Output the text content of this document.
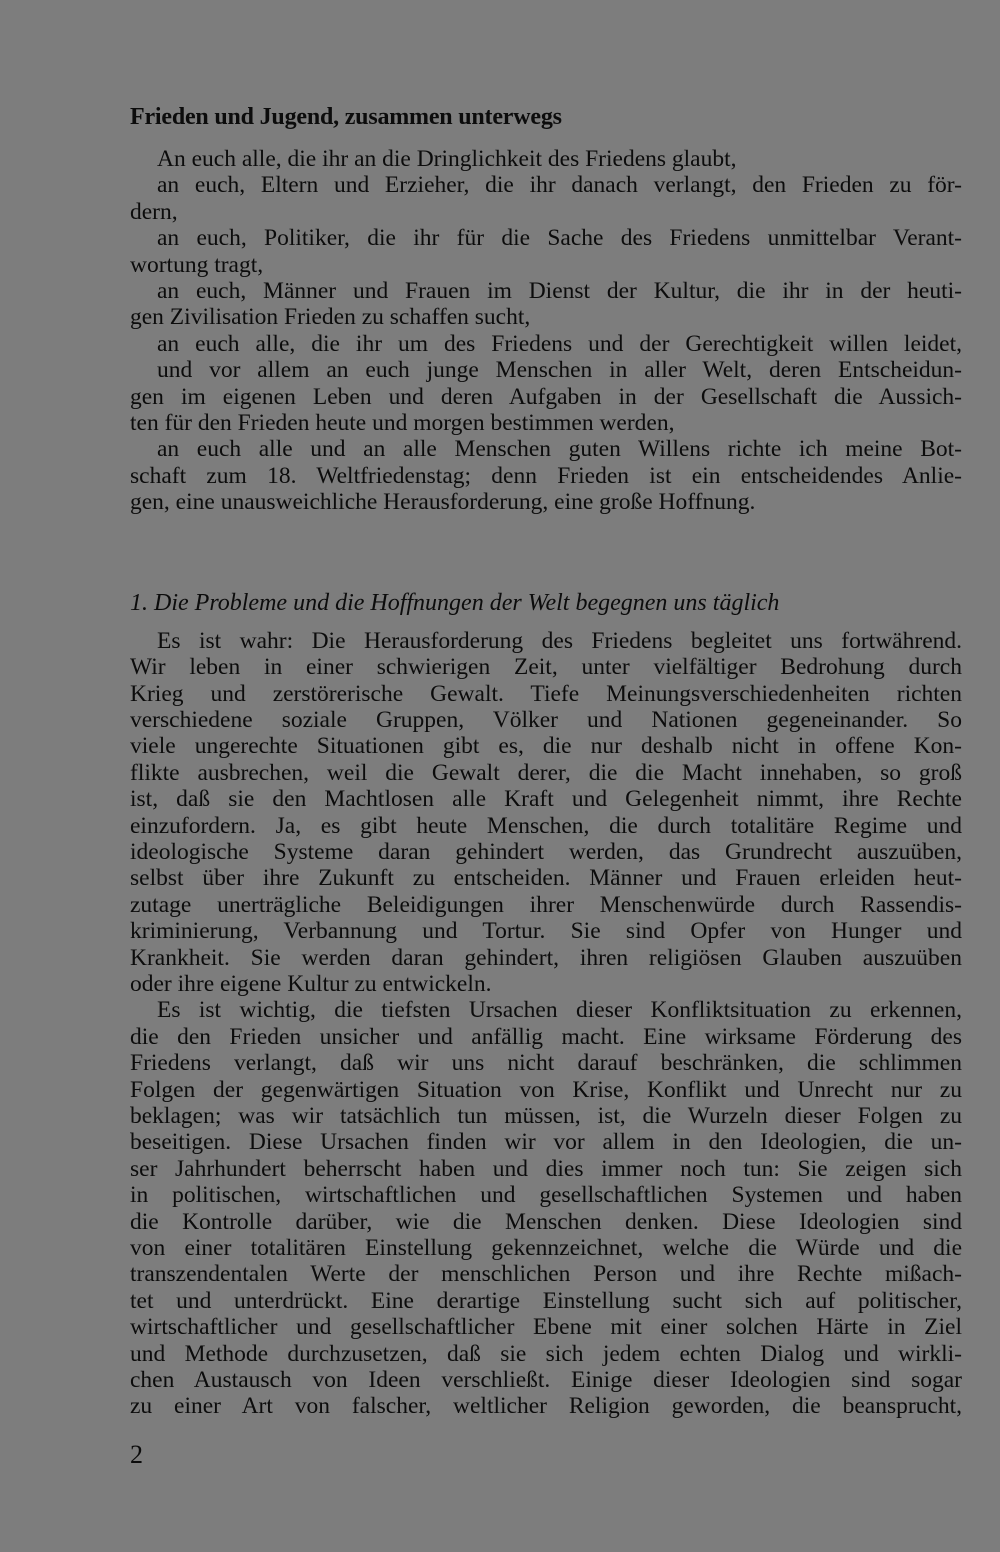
Frieden und Jugend, zusammen unterwegs
An euch alle, die ihr an die Dringlichkeit des Friedens glaubt,
an euch, Eltern und Erzieher, die ihr danach verlangt, den Frieden zu för-
dern,
an euch, Politiker, die ihr für die Sache des Friedens unmittelbar Verant-
wortung tragt,
an euch, Männer und Frauen im Dienst der Kultur, die ihr in der heuti-
gen Zivilisation Frieden zu schaffen sucht,
an euch alle, die ihr um des Friedens und der Gerechtigkeit willen leidet,
und vor allem an euch junge Menschen in aller Welt, deren Entscheidun-
gen im eigenen Leben und deren Aufgaben in der Gesellschaft die Aussich-
ten für den Frieden heute und morgen bestimmen werden,
an euch alle und an alle Menschen guten Willens richte ich meine Bot-
schaft zum 18. Weltfriedenstag; denn Frieden ist ein entscheidendes Anlie-
gen, eine unausweichliche Herausforderung, eine große Hoffnung.
1. Die Probleme und die Hoffnungen der Welt begegnen uns täglich
Es ist wahr: Die Herausforderung des Friedens begleitet uns fortwährend.
Wir leben in einer schwierigen Zeit, unter vielfältiger Bedrohung durch
Krieg und zerstörerische Gewalt. Tiefe Meinungsverschiedenheiten richten
verschiedene soziale Gruppen, Völker und Nationen gegeneinander. So
viele ungerechte Situationen gibt es, die nur deshalb nicht in offene Kon-
flikte ausbrechen, weil die Gewalt derer, die die Macht innehaben, so groß
ist, daß sie den Machtlosen alle Kraft und Gelegenheit nimmt, ihre Rechte
einzufordern. Ja, es gibt heute Menschen, die durch totalitäre Regime und
ideologische Systeme daran gehindert werden, das Grundrecht auszuüben,
selbst über ihre Zukunft zu entscheiden. Männer und Frauen erleiden heut-
zutage unerträgliche Beleidigungen ihrer Menschenwürde durch Rassendis-
kriminierung, Verbannung und Tortur. Sie sind Opfer von Hunger und
Krankheit. Sie werden daran gehindert, ihren religiösen Glauben auszuüben
oder ihre eigene Kultur zu entwickeln.
Es ist wichtig, die tiefsten Ursachen dieser Konfliktsituation zu erkennen,
die den Frieden unsicher und anfällig macht. Eine wirksame Förderung des
Friedens verlangt, daß wir uns nicht darauf beschränken, die schlimmen
Folgen der gegenwärtigen Situation von Krise, Konflikt und Unrecht nur zu
beklagen; was wir tatsächlich tun müssen, ist, die Wurzeln dieser Folgen zu
beseitigen. Diese Ursachen finden wir vor allem in den Ideologien, die un-
ser Jahrhundert beherrscht haben und dies immer noch tun: Sie zeigen sich
in politischen, wirtschaftlichen und gesellschaftlichen Systemen und haben
die Kontrolle darüber, wie die Menschen denken. Diese Ideologien sind
von einer totalitären Einstellung gekennzeichnet, welche die Würde und die
transzendentalen Werte der menschlichen Person und ihre Rechte mißach-
tet und unterdrückt. Eine derartige Einstellung sucht sich auf politischer,
wirtschaftlicher und gesellschaftlicher Ebene mit einer solchen Härte in Ziel
und Methode durchzusetzen, daß sie sich jedem echten Dialog und wirkli-
chen Austausch von Ideen verschließt. Einige dieser Ideologien sind sogar
zu einer Art von falscher, weltlicher Religion geworden, die beansprucht,
2
